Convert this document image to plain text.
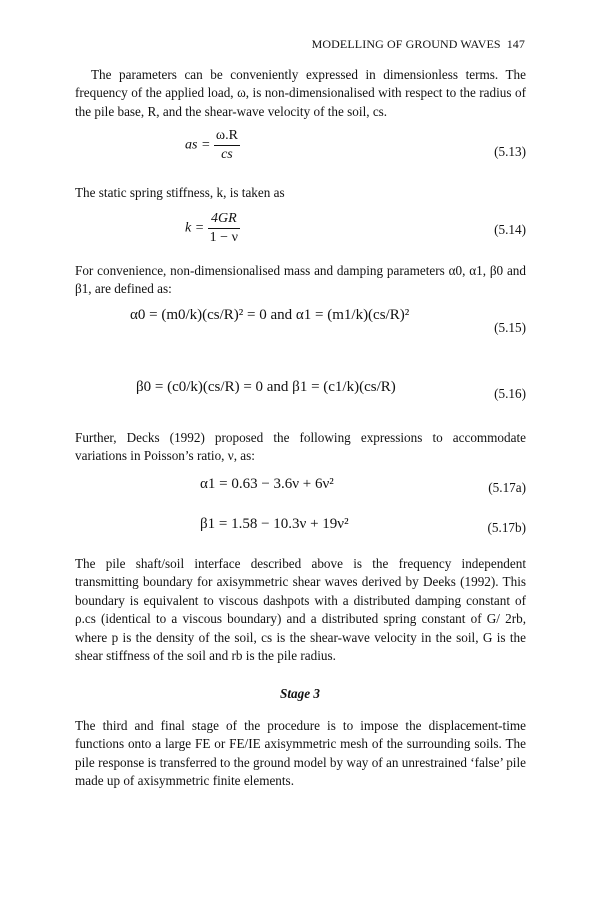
MODELLING OF GROUND WAVES 147
The parameters can be conveniently expressed in dimensionless terms. The frequency of the applied load, ω, is non-dimensionalised with respect to the radius of the pile base, R, and the shear-wave velocity of the soil, cs.
as = $\frac{\omega.R}{cs}$	(5.13)
The static spring stiffness, k, is taken as
$k = \frac{4GR}{1 - \nu}$	(5.14)
For convenience, non-dimensionalised mass and damping parameters α0, α1, β0 and β1, are defined as:
α0 = (m0/k)(cs/R)² = 0 and α1 = (m1/k)(cs/R)²
(5.15)
β0 = (c0/k)(cs/R) = 0 and β1 = (c1/k)(cs/R)	(5.16)
Further, Decks (1992) proposed the following expressions to accommodate variations in Poisson’s ratio, ν, as:
α1 = 0.63 − 3.6ν + 6ν²	(5.17a)
β1 = 1.58 − 10.3ν + 19ν²	(5.17b)
The pile shaft/soil interface described above is the frequency independent transmitting boundary for axisymmetric shear waves derived by Deeks (1992). This boundary is equivalent to viscous dashpots with a distributed damping constant of ρ.cs (identical to a viscous boundary) and a distributed spring constant of G/ 2rb, where p is the density of the soil, cs is the shear-wave velocity in the soil, G is the shear stiffness of the soil and rb is the pile radius.
Stage 3
The third and final stage of the procedure is to impose the displacement-time functions onto a large FE or FE/IE axisymmetric mesh of the surrounding soils. The pile response is transferred to the ground model by way of an unrestrained ‘false’ pile made up of axisymmetric finite elements.
